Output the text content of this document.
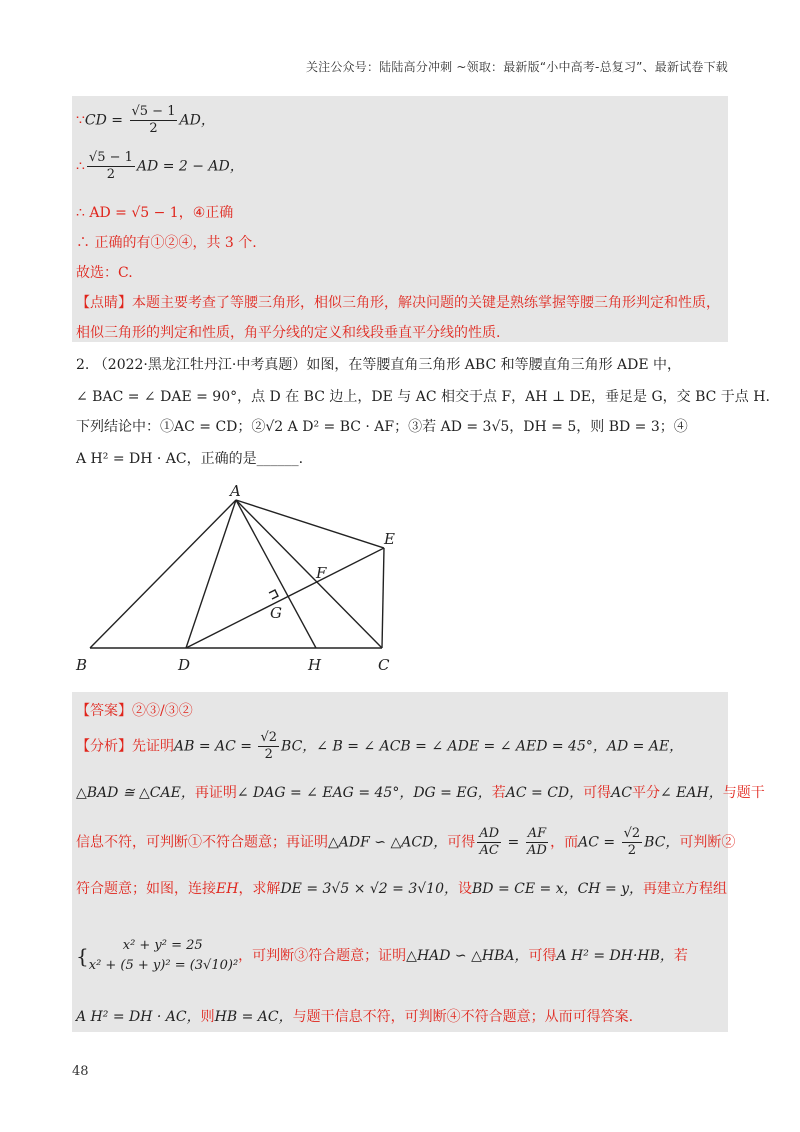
关注公众号：陆陆高分冲刺 ~领取：最新版“小中高考-总复习”、最新试卷下载
∵CD = $\frac{√5 - 1}{2}$ AD，
∴ $\frac{√5 - 1}{2}$ AD = 2 − AD，
∴ AD = √5 − 1，④正确
∴ 正确的有①②④，共 3 个.
故选：C.
【点睛】本题主要考查了等腰三角形，相似三角形，解决问题的关键是熟练掌握等腰三角形判定和性质，
相似三角形的判定和性质，角平分线的定义和线段垂直平分线的性质.
2. （2022·黑龙江牡丹江·中考真题）如图，在等腰直角三角形 ABC 和等腰直角三角形 ADE 中，
∠ BAC = ∠ DAE = 90°，点 D 在 BC 边上，DE 与 AC 相交于点 F，AH ⊥ DE，垂足是 G，交 BC 于点 H.
下列结论中：①AC = CD；②√2 A D² = BC · AF；③若 AD = 3√5，DH = 5，则 BD = 3；④
A H² = DH · AC，正确的是______.
A
B	C
D
E
F
G
H
【答案】②③/③②
【分析】先证明AB = AC = $\frac{√2}{2}$ BC，∠ B = ∠ ACB = ∠ ADE = ∠ AED = 45°，AD = AE，
△BAD ≅ △CAE，再证明∠ DAG = ∠ EAG = 45°，DG = EG，若AC = CD，可得AC平分∠ EAH，与题干
信息不符，可判断①不符合题意；再证明△ADF ∽ △ACD，可得 $\frac{AD}{AC} = \frac{AF}{AD}$ ，而AC = $\frac{√2}{2}$ BC，可判断②
符合题意；如图，连接EH，求解DE = 3√5 × √2 = 3√10，设BD = CE = x，CH = y，再建立方程组
{	x² + y² = 25
x² + (5 + y)² = (3√10)²
，可判断③符合题意；证明△HAD ∽ △HBA，可得A H² = DH·HB，若
A H² = DH · AC，则HB = AC，与题干信息不符，可判断④不符合题意；从而可得答案.
48
